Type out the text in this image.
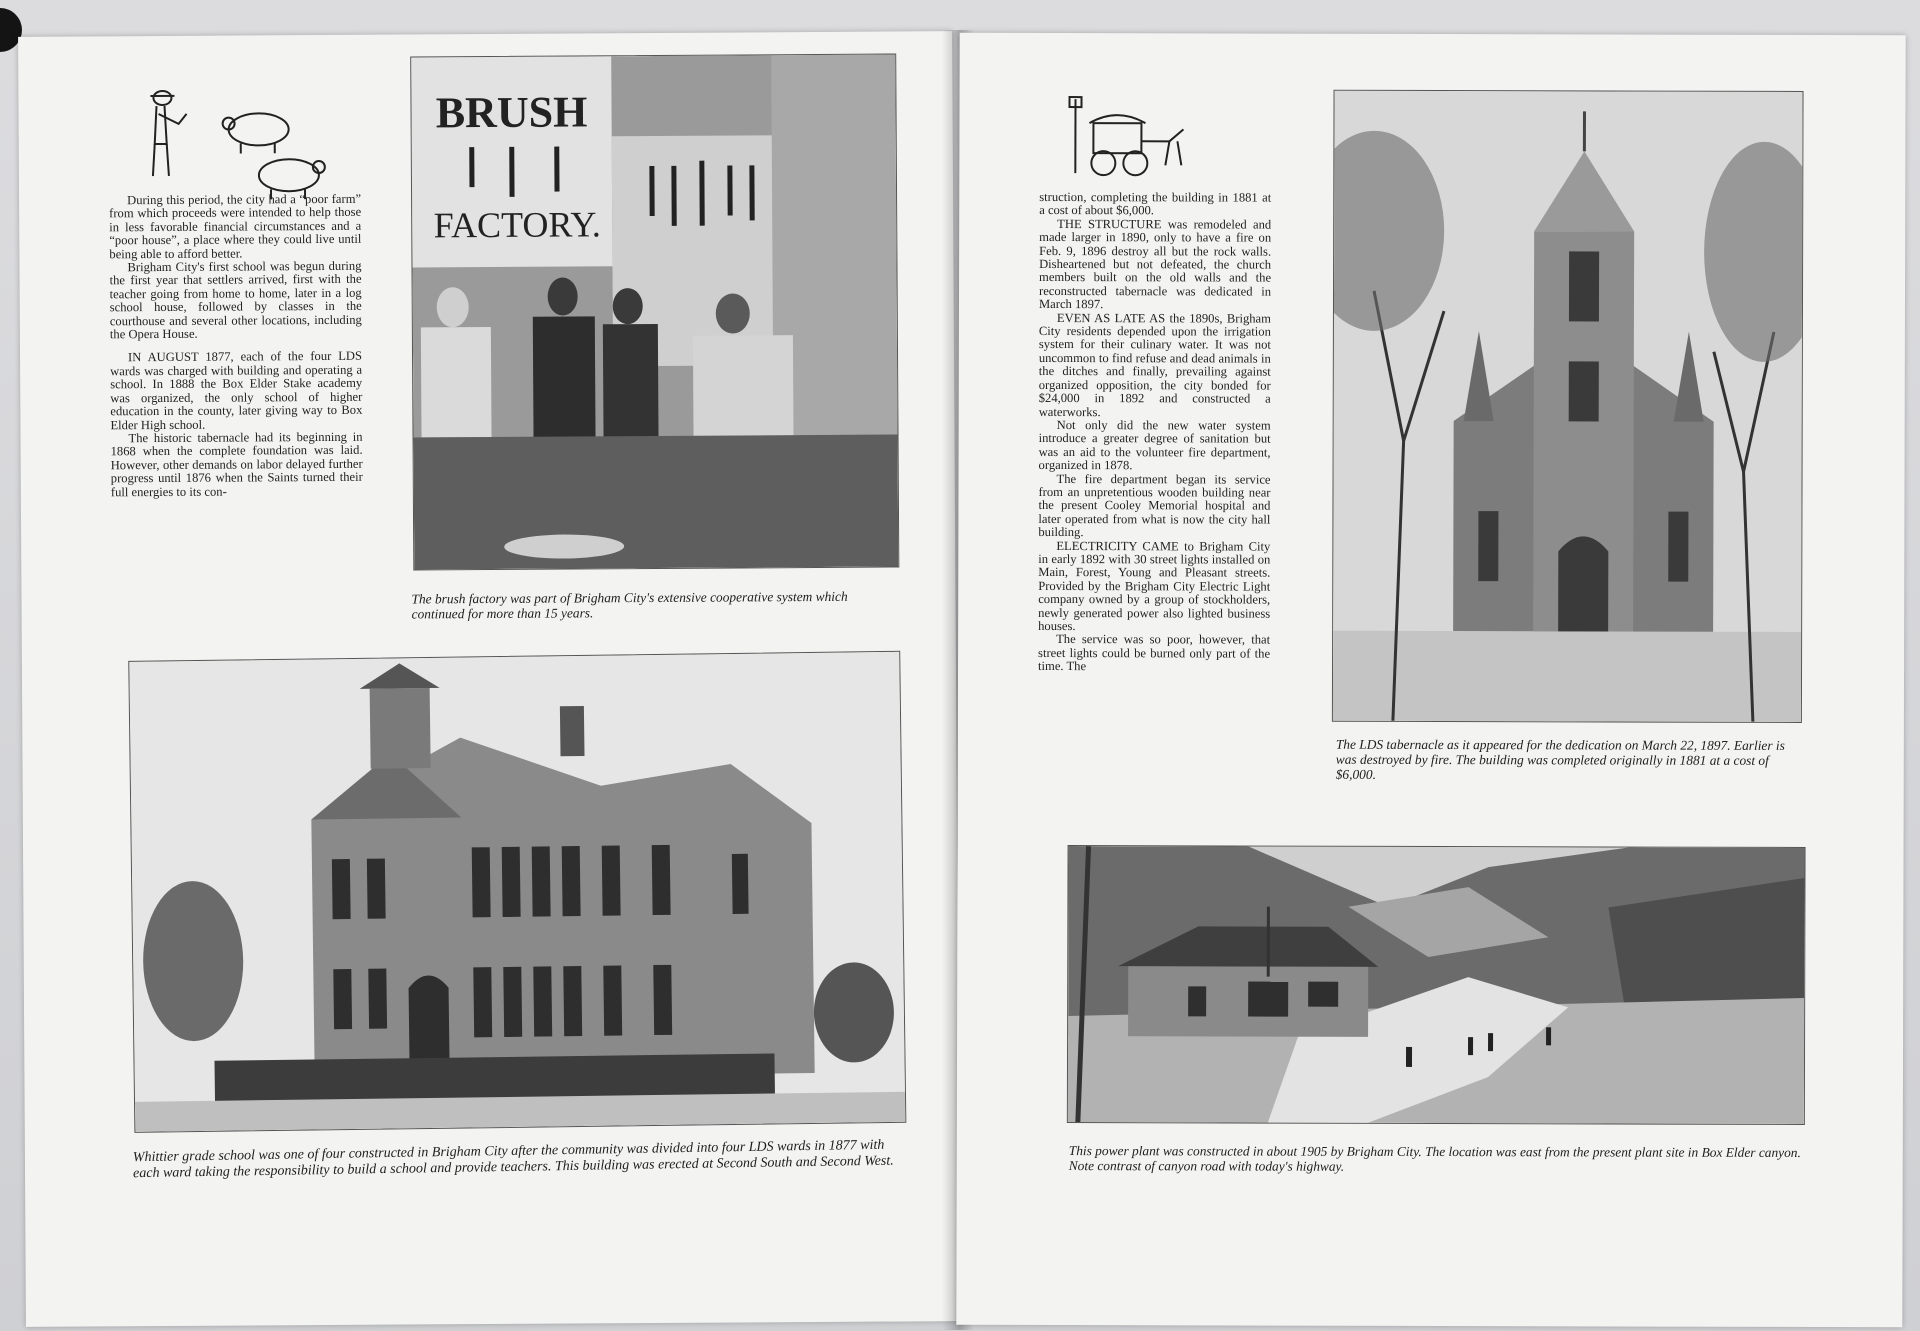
During this period, the city had a “poor farm” from which proceeds were intended to help those in less favorable financial circumstances and a “poor house”, a place where they could live until being able to afford better.

Brigham City's first school was begun during the first year that settlers arrived, first with the teacher going from home to home, later in a log school house, followed by classes in the courthouse and several other locations, including the Opera House.

IN AUGUST 1877, each of the four LDS wards was charged with building and operating a school. In 1888 the Box Elder Stake academy was organized, the only school of higher education in the county, later giving way to Box Elder High school.

The historic tabernacle had its beginning in 1868 when the complete foundation was laid. However, other demands on labor delayed further progress until 1876 when the Saints turned their full energies to its con-

BRUSH
FACTORY.
The brush factory was part of Brigham City's extensive cooperative system which continued for more than 15 years.
Whittier grade school was one of four constructed in Brigham City after the community was divided into four LDS wards in 1877 with each ward taking the responsibility to build a school and provide teachers. This building was erected at Second South and Second West.

struction, completing the building in 1881 at a cost of about $6,000.

THE STRUCTURE was remodeled and made larger in 1890, only to have a fire on Feb. 9, 1896 destroy all but the rock walls. Disheartened but not defeated, the church members built on the old walls and the reconstructed tabernacle was dedicated in March 1897.

EVEN AS LATE AS the 1890s, Brigham City residents depended upon the irrigation system for their culinary water. It was not uncommon to find refuse and dead animals in the ditches and finally, prevailing against organized opposition, the city bonded for $24,000 in 1892 and constructed a waterworks.

Not only did the new water system introduce a greater degree of sanitation but was an aid to the volunteer fire department, organized in 1878.

The fire department began its service from an unpretentious wooden building near the present Cooley Memorial hospital and later operated from what is now the city hall building.

ELECTRICITY CAME to Brigham City in early 1892 with 30 street lights installed on Main, Forest, Young and Pleasant streets. Provided by the Brigham City Electric Light company owned by a group of stockholders, newly generated power also lighted business houses.

The service was so poor, however, that street lights could be burned only part of the time. The

The LDS tabernacle as it appeared for the dedication on March 22, 1897. Earlier is was destroyed by fire. The building was completed originally in 1881 at a cost of $6,000.
This power plant was constructed in about 1905 by Brigham City. The location was east from the present plant site in Box Elder canyon. Note contrast of canyon road with today's highway.
